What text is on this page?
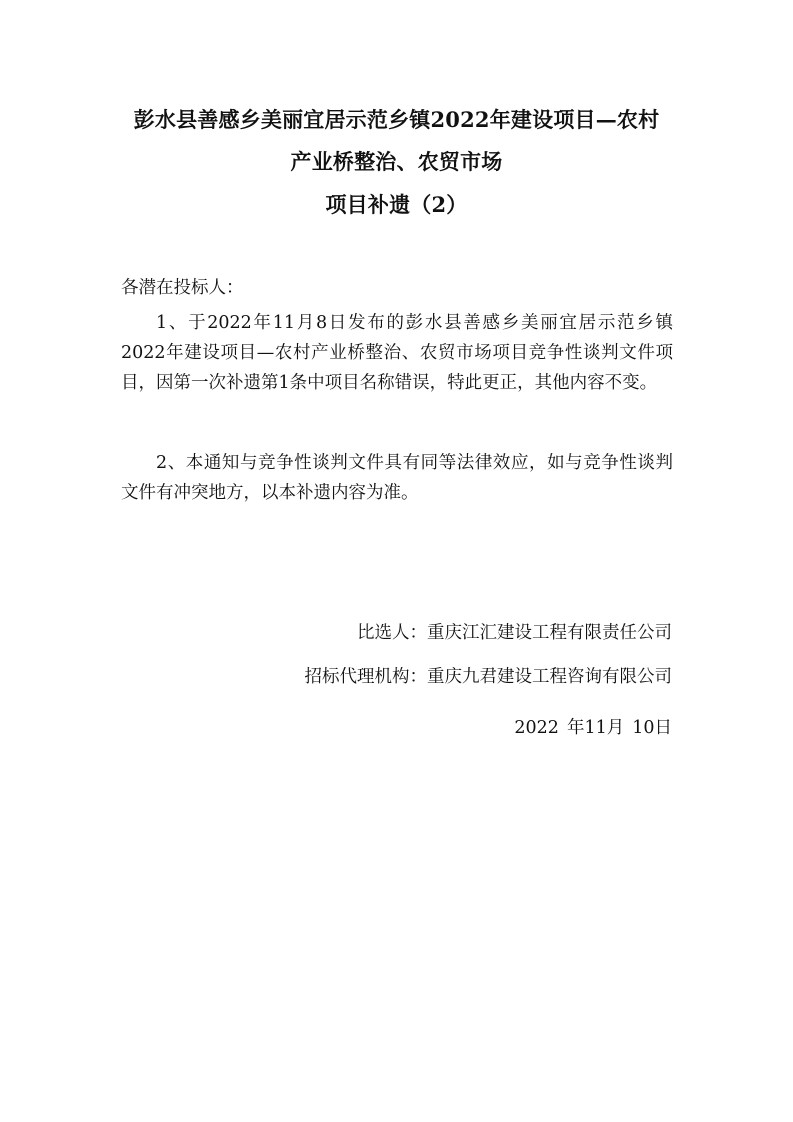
彭水县善感乡美丽宜居示范乡镇2022年建设项目—农村
产业桥整治、农贸市场
项目补遗（2）
各潜在投标人：
1、于2022年11月8日发布的彭水县善感乡美丽宜居示范乡镇2022年建设项目—农村产业桥整治、农贸市场项目竞争性谈判文件项目，因第一次补遗第1条中项目名称错误，特此更正，其他内容不变。
2、本通知与竞争性谈判文件具有同等法律效应，如与竞争性谈判文件有冲突地方，以本补遗内容为准。
比选人：重庆江汇建设工程有限责任公司
招标代理机构：重庆九君建设工程咨询有限公司
2022 年11月 10日
